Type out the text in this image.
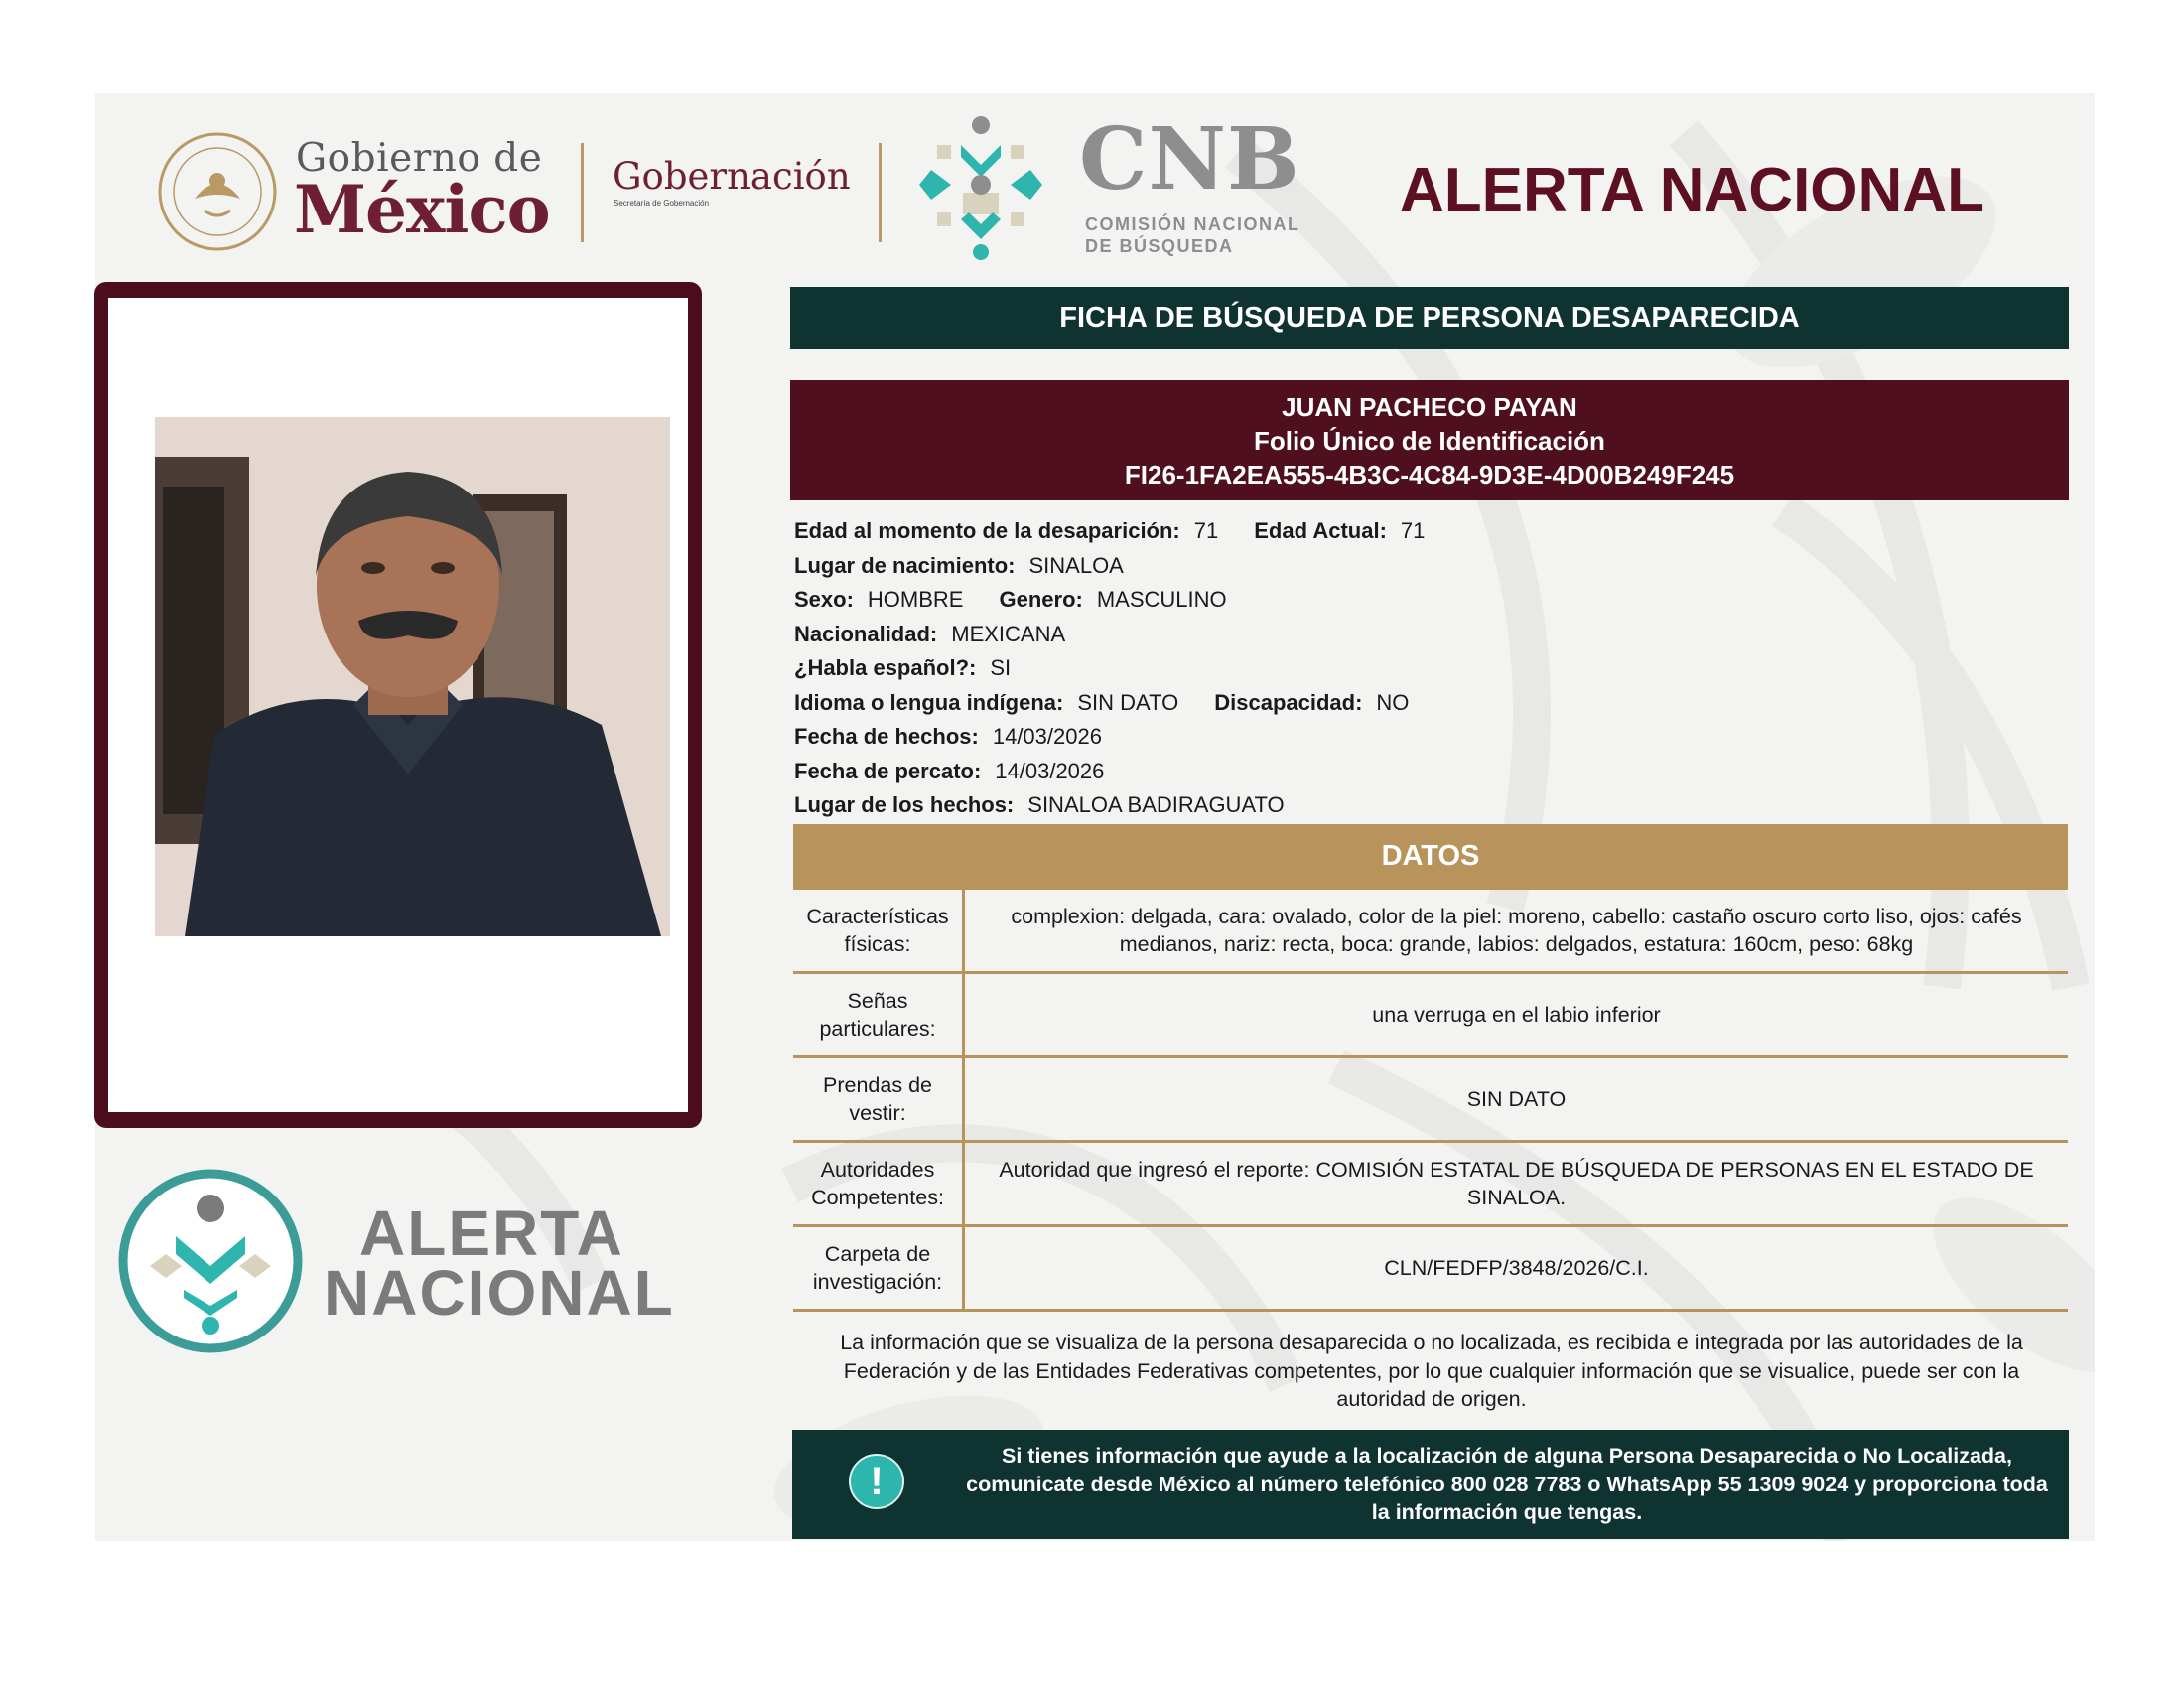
Gobierno de
México Gobernación
Secretaría de Gobernación	CNB
COMISIÓN NACIONAL
DE BÚSQUEDA
ALERTA NACIONAL
ALERTA
NACIONAL
FICHA DE BÚSQUEDA DE PERSONA DESAPARECIDA
JUAN PACHECO PAYAN
Folio Único de Identificación
FI26-1FA2EA555-4B3C-4C84-9D3E-4D00B249F245
Edad al momento de la desaparición: 71 Edad Actual: 71
Lugar de nacimiento: SINALOA
Sexo: HOMBRE Genero: MASCULINO
Nacionalidad: MEXICANA
¿Habla español?: SI
Idioma o lengua indígena: SIN DATO Discapacidad: NO
Fecha de hechos: 14/03/2026
Fecha de percato: 14/03/2026
Lugar de los hechos: SINALOA BADIRAGUATO
DATOS
Características físicas:	complexion: delgada, cara: ovalado, color de la piel: moreno, cabello: castaño oscuro corto liso, ojos: cafés medianos, nariz: recta, boca: grande, labios: delgados, estatura: 160cm, peso: 68kg
Señas particulares:	una verruga en el labio inferior
Prendas de vestir:	SIN DATO
Autoridades Competentes:	Autoridad que ingresó el reporte: COMISIÓN ESTATAL DE BÚSQUEDA DE PERSONAS EN EL ESTADO DE SINALOA.
Carpeta de investigación:	CLN/FEDFP/3848/2026/C.I.
La información que se visualiza de la persona desaparecida o no localizada, es recibida e integrada por las autoridades de la Federación y de las Entidades Federativas competentes, por lo que cualquier información que se visualice, puede ser con la autoridad de origen.
!
Si tienes información que ayude a la localización de alguna Persona Desaparecida o No Localizada, comunicate desde México al número telefónico 800 028 7783 o WhatsApp 55 1309 9024 y proporciona toda la información que tengas.
